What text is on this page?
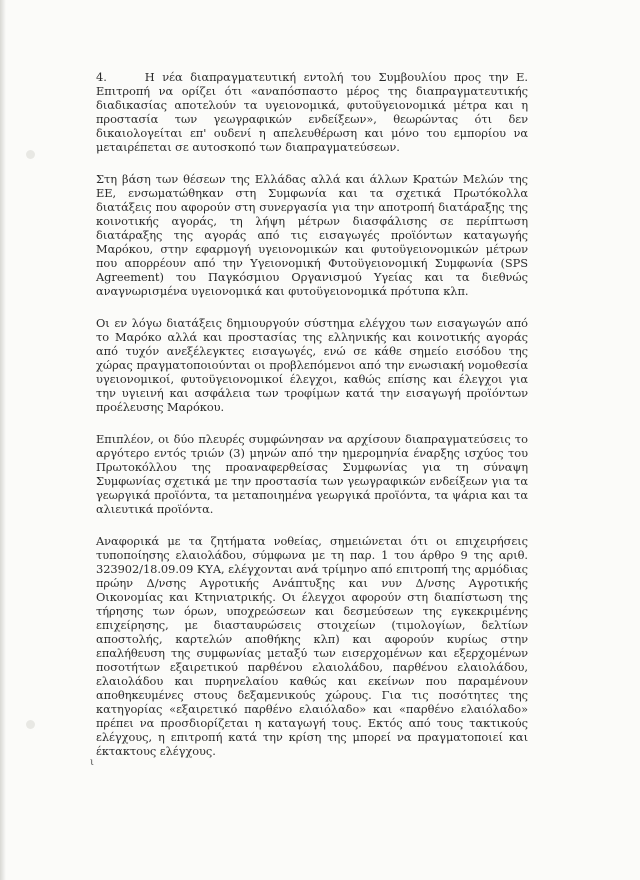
4.     Η νέα διαπραγματευτική εντολή του Συμβουλίου προς την Ε. Επιτροπή να ορίζει ότι «αναπόσπαστο μέρος της διαπραγματευτικής διαδικασίας αποτελούν τα υγειονομικά, φυτοϋγειονομικά μέτρα και η προστασία των γεωγραφικών ενδείξεων», θεωρώντας ότι δεν δικαιολογείται επ' ουδενί η απελευθέρωση και μόνο του εμπορίου να μεταιρέπεται σε αυτοσκοπό των διαπραγματεύσεων.

Στη βάση των θέσεων της Ελλάδας αλλά και άλλων Κρατών Μελών της ΕΕ, ενσωματώθηκαν στη Συμφωνία και τα σχετικά Πρωτόκολλα διατάξεις που αφορούν στη συνεργασία για την αποτροπή διατάραξης της κοινοτικής αγοράς, τη λήψη μέτρων διασφάλισης σε περίπτωση διατάραξης της αγοράς από τις εισαγωγές προϊόντων καταγωγής Μαρόκου, στην εφαρμογή υγειονομικών και φυτοϋγειονομικών μέτρων που απορρέουν από την Υγειονομική Φυτοϋγειονομική Συμφωνία (SPS Agreement) του Παγκόσμιου Οργανισμού Υγείας και τα διεθνώς αναγνωρισμένα υγειονομικά και φυτοϋγειονομικά πρότυπα κλπ.

Οι εν λόγω διατάξεις δημιουργούν σύστημα ελέγχου των εισαγωγών από το Μαρόκο αλλά και προστασίας της ελληνικής και κοινοτικής αγοράς από τυχόν ανεξέλεγκτες εισαγωγές, ενώ σε κάθε σημείο εισόδου της χώρας πραγματοποιούνται οι προβλεπόμενοι από την ενωσιακή νομοθεσία υγειονομικοί, φυτοϋγειονομικοί έλεγχοι, καθώς επίσης και έλεγχοι για την υγιεινή και ασφάλεια των τροφίμων κατά την εισαγωγή προϊόντων προέλευσης Μαρόκου.

Επιπλέον, οι δύο πλευρές συμφώνησαν να αρχίσουν διαπραγματεύσεις το αργότερο εντός τριών (3) μηνών από την ημερομηνία έναρξης ισχύος του Πρωτοκόλλου της προαναφερθείσας Συμφωνίας για τη σύναψη Συμφωνίας σχετικά με την προστασία των γεωγραφικών ενδείξεων για τα γεωργικά προϊόντα, τα μεταποιημένα γεωργικά προϊόντα, τα ψάρια και τα αλιευτικά προϊόντα.

Αναφορικά με τα ζητήματα νοθείας, σημειώνεται ότι οι επιχειρήσεις τυποποίησης ελαιολάδου, σύμφωνα με τη παρ. 1 του άρθρο 9 της αριθ. 323902/18.09.09 ΚΥΑ, ελέγχονται ανά τρίμηνο από επιτροπή της αρμόδιας πρώην Δ/νσης Αγροτικής Ανάπτυξης και νυν Δ/νσης Αγροτικής Οικονομίας και Κτηνιατρικής. Οι έλεγχοι αφορούν στη διαπίστωση της τήρησης των όρων, υποχρεώσεων και δεσμεύσεων της εγκεκριμένης επιχείρησης, με διασταυρώσεις στοιχείων (τιμολογίων, δελτίων αποστολής, καρτελών αποθήκης κλπ) και αφορούν κυρίως στην επαλήθευση της συμφωνίας μεταξύ των εισερχομένων και εξερχομένων ποσοτήτων εξαιρετικού παρθένου ελαιολάδου, παρθένου ελαιολάδου, ελαιολάδου και πυρηνελαίου καθώς και εκείνων που παραμένουν αποθηκευμένες στους δεξαμενικούς χώρους. Για τις ποσότητες της κατηγορίας «εξαιρετικό παρθένο ελαιόλαδο» και «παρθένο ελαιόλαδο» πρέπει να προσδιορίζεται η καταγωγή τους. Εκτός από τους τακτικούς ελέγχους, η επιτροπή κατά την κρίση της μπορεί να πραγματοποιεί και έκτακτους ελέγχους.

ι
